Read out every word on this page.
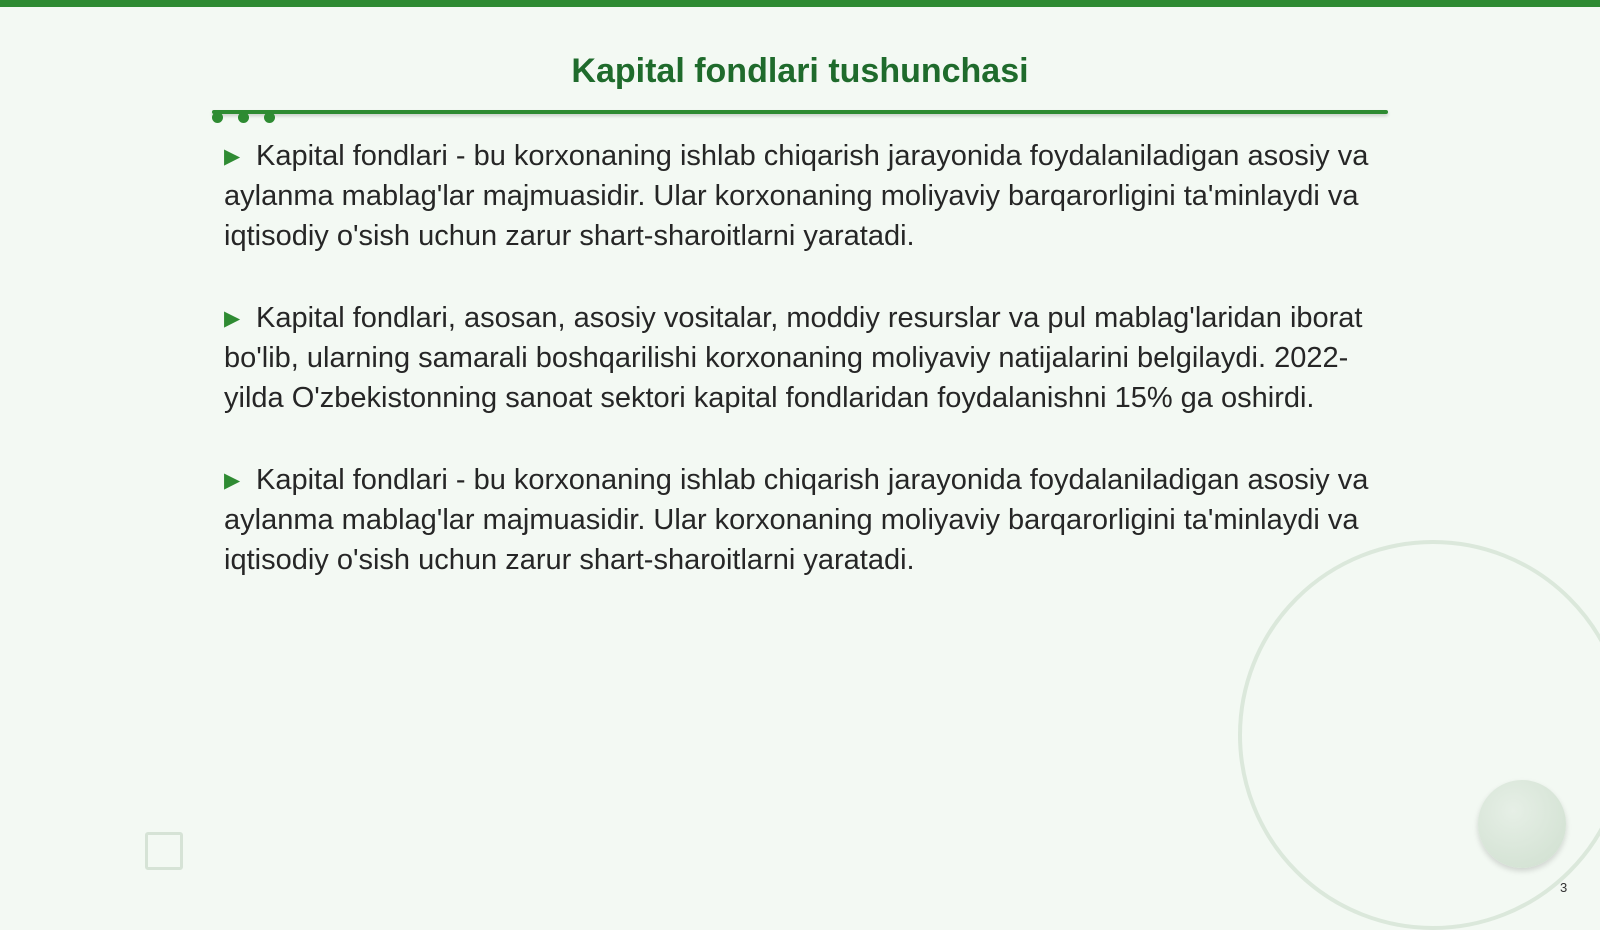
Kapital fondlari tushunchasi

▶ Kapital fondlari - bu korxonaning ishlab chiqarish jarayonida foydalaniladigan asosiy va aylanma mablag'lar majmuasidir. Ular korxonaning moliyaviy barqarorligini ta'minlaydi va iqtisodiy o'sish uchun zarur shart-sharoitlarni yaratadi.

▶ Kapital fondlari, asosan, asosiy vositalar, moddiy resurslar va pul mablag'laridan iborat bo'lib, ularning samarali boshqarilishi korxonaning moliyaviy natijalarini belgilaydi. 2022-yilda O'zbekistonning sanoat sektori kapital fondlaridan foydalanishni 15% ga oshirdi.

▶ Kapital fondlari - bu korxonaning ishlab chiqarish jarayonida foydalaniladigan asosiy va aylanma mablag'lar majmuasidir. Ular korxonaning moliyaviy barqarorligini ta'minlaydi va iqtisodiy o'sish uchun zarur shart-sharoitlarni yaratadi.

3
